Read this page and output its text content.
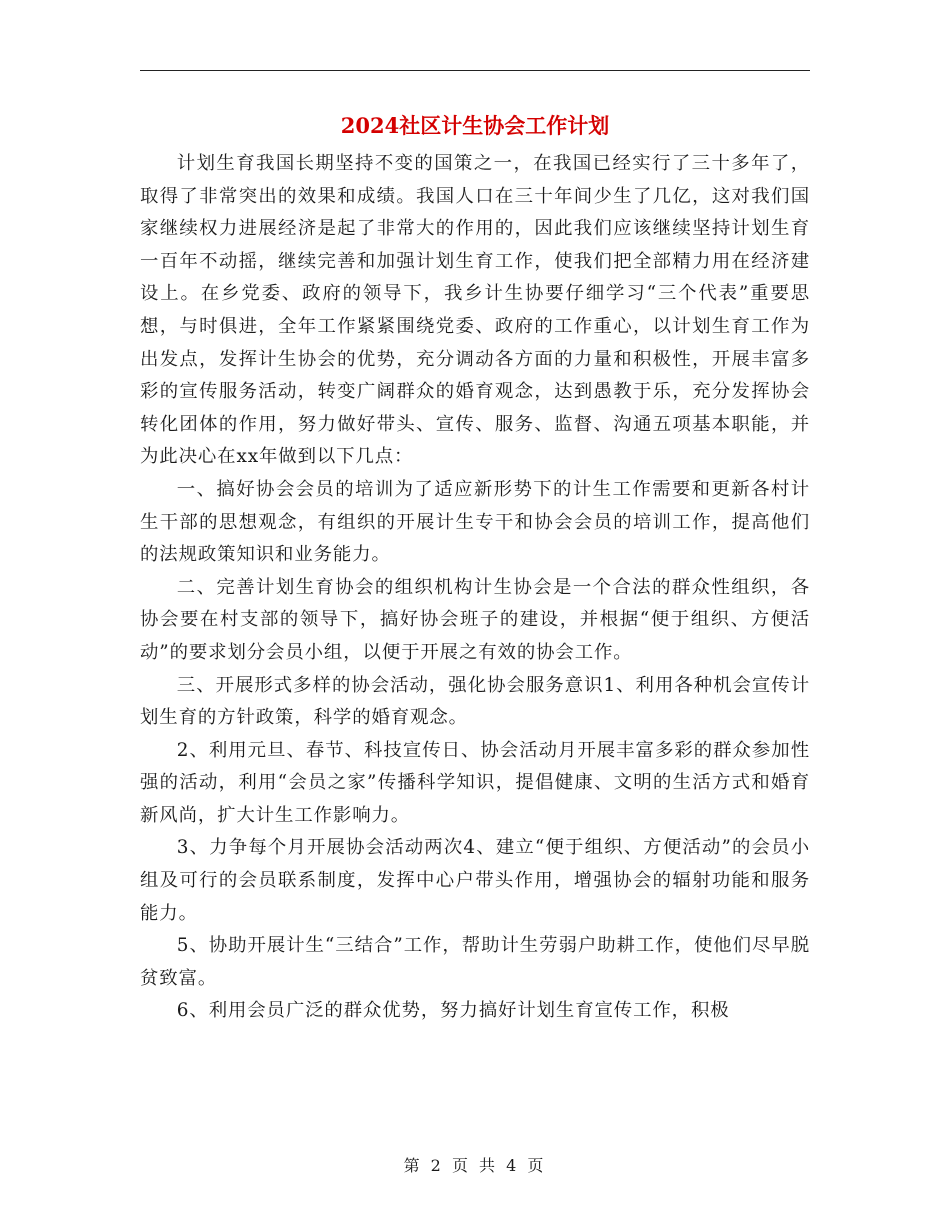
2024社区计生协会工作计划

计划生育我国长期坚持不变的国策之一，在我国已经实行了三十多年了，取得了非常突出的效果和成绩。我国人口在三十年间少生了几亿，这对我们国家继续权力进展经济是起了非常大的作用的，因此我们应该继续坚持计划生育一百年不动摇，继续完善和加强计划生育工作，使我们把全部精力用在经济建设上。在乡党委、政府的领导下，我乡计生协要仔细学习“三个代表”重要思想，与时俱进，全年工作紧紧围绕党委、政府的工作重心，以计划生育工作为出发点，发挥计生协会的优势，充分调动各方面的力量和积极性，开展丰富多彩的宣传服务活动，转变广阔群众的婚育观念，达到愚教于乐，充分发挥协会转化团体的作用，努力做好带头、宣传、服务、监督、沟通五项基本职能，并为此决心在xx年做到以下几点：

一、搞好协会会员的培训为了适应新形势下的计生工作需要和更新各村计生干部的思想观念，有组织的开展计生专干和协会会员的培训工作，提高他们的法规政策知识和业务能力。

二、完善计划生育协会的组织机构计生协会是一个合法的群众性组织，各协会要在村支部的领导下，搞好协会班子的建设，并根据“便于组织、方便活动”的要求划分会员小组，以便于开展之有效的协会工作。

三、开展形式多样的协会活动，强化协会服务意识1、利用各种机会宣传计划生育的方针政策，科学的婚育观念。

2、利用元旦、春节、科技宣传日、协会活动月开展丰富多彩的群众参加性强的活动，利用“会员之家”传播科学知识，提倡健康、文明的生活方式和婚育新风尚，扩大计生工作影响力。

3、力争每个月开展协会活动两次4、建立“便于组织、方便活动”的会员小组及可行的会员联系制度，发挥中心户带头作用，增强协会的辐射功能和服务能力。

5、协助开展计生“三结合”工作，帮助计生劳弱户助耕工作，使他们尽早脱贫致富。

6、利用会员广泛的群众优势，努力搞好计划生育宣传工作，积极

第 2 页 共 4 页
